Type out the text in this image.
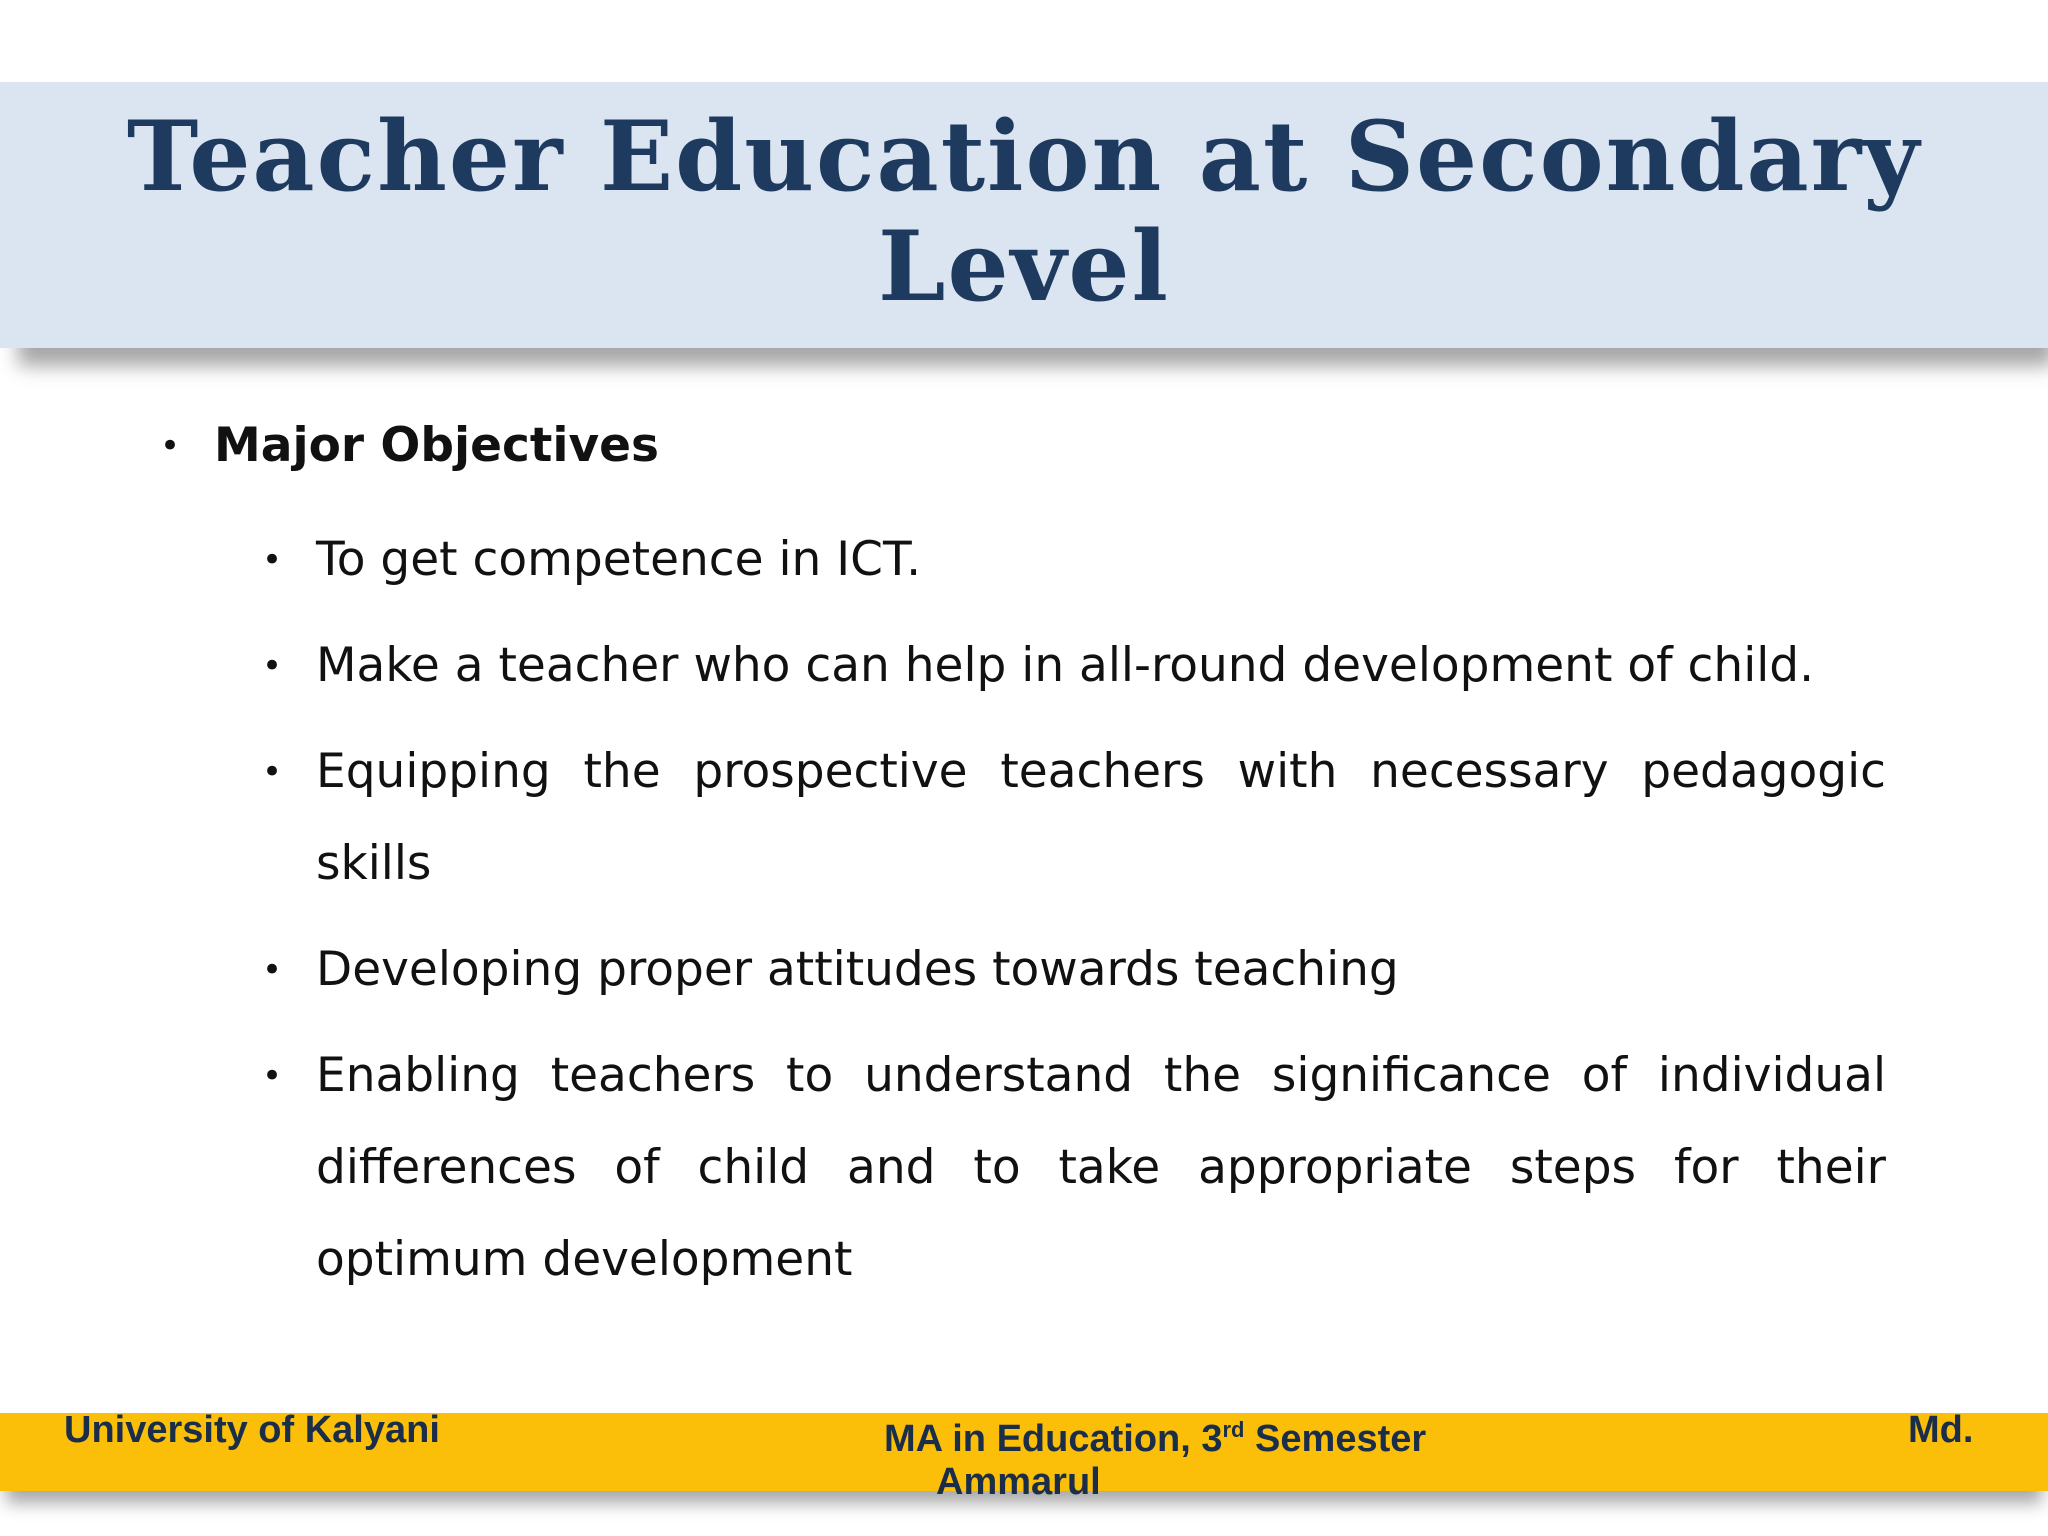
Teacher Education at Secondary Level
• Major Objectives
• To get competence in ICT.
• Make a teacher who can help in all-round development of child.
• Equipping the prospective teachers with necessary pedagogic skills
• Developing proper attitudes towards teaching
• Enabling teachers to understand the significance of individual differences of child and to take appropriate steps for their optimum development
University of Kalyani	MA in Education, 3rd Semester	Md.
Ammarul
